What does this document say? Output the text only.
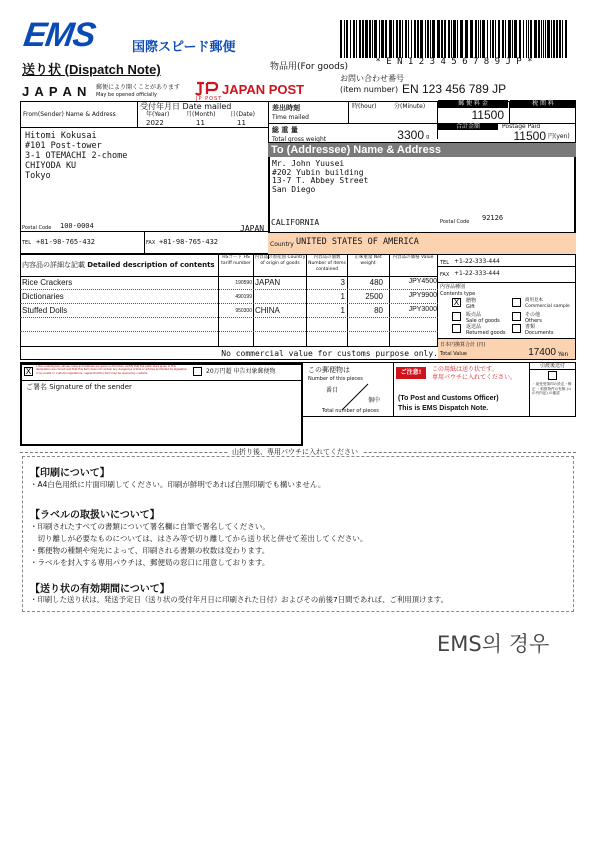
EMS	国際スピード郵便
送り状 (Dispatch Note)	物品用(For goods)	* E N 1 2 3 4 5 6 7 8 9 J P *
J A P A N 郵便により開くことがあります
May be opened officially
JP POST
JAPAN POST
お問い合わせ番号
(item number) EN 123 456 789 JP
From(Sender) Name & Address
受付年月日 Date mailed
年(Year)	月(Month) 日(Date)
2022	11	11
Hitomi Kokusai
#101 Post-tower
3-1 OTEMACHI 2-chome
CHIYODA KU
Tokyo
Postal Code 100-0004	JAPAN
TEL +81-98-765-432	FAX +81-98-765-432
差出時刻
Time mailed
時(hour)	分(Minute)	郵 便 料 金	税 関 料
11500
合計金額	Postage Paid
11500 円(yen)
総 重 量
Total gross weight	3300 g
To (Addressee) Name & Address
Mr. John Yuusei
#202 Yubin building
13-7 T. Abbey Street
San Diego
CALIFORNIA	Postal Code 92126
Country UNITED STATES OF AMERICA
内容品の詳細な記載 Detailed description of contents
HSコード HS tariff number
内容品の原産国 Country of origin of goods
内容品の個数 Number of items contained
正味重量 Net weight
内容品の価格 Value
TEL +1-22-333-444
FAX +1-22-333-444
Rice Crackers	190590 JAPAN	3	480	JPY4500
Dictionaries	490199	1	2500	JPY9900
Stuffed Dolls	950300 CHINA	1	80	JPY3000
No commercial value for customs purpose only.
内容品種別
Contents type
X	贈物
Gift
商用見本
Commercial sample
販売品
Sale of goods
その他
Others
返送品
Returned goods
書類
Documents
日本円換算合計 (円)
Total Value	17400 Yen
X
I, the undersigned, whose name and address are given on the item, certify that the particulars given in this declaration are correct and that this item does not contain any dangerous article or articles prohibited by legislation or by postal or customs regulations. I agree that the item may be opened by customs.	20万円超 申告対象郵便物
ご署名 Signature of the sender
この郵便物は
Number of this pieces
番目
個中
Total number of pieces
ご注意!	この用紙は送り状です。
専用パウチに入れてください。
(To Post and Customs Officer)
This is EMS Dispatch Note.
引渡後送付
・前受受領印の設定・修正 ・取扱物件の有無 (ロの円内記) の確認
山折り後、専用パウチに入れてください
【印刷について】
・A4白色用紙に片面印刷してください。印刷が鮮明であれば白黒印刷でも構いません。
【ラベルの取扱いについて】
・印刷されたすべての書類について署名欄に自筆で署名してください。
　切り離しが必要なものについては、はさみ等で切り離してから送り状と併せて差出してください。
・郵便物の種類や宛先によって、印刷される書類の枚数は変わります。
・ラベルを封入する専用パウチは、郵便局の窓口に用意しております。
【送り状の有効期間について】
・印刷した送り状は、発送予定日（送り状の受付年月日に印刷された日付）およびその前後7日間であれば、ご利用頂けます。
EMS의 경우
